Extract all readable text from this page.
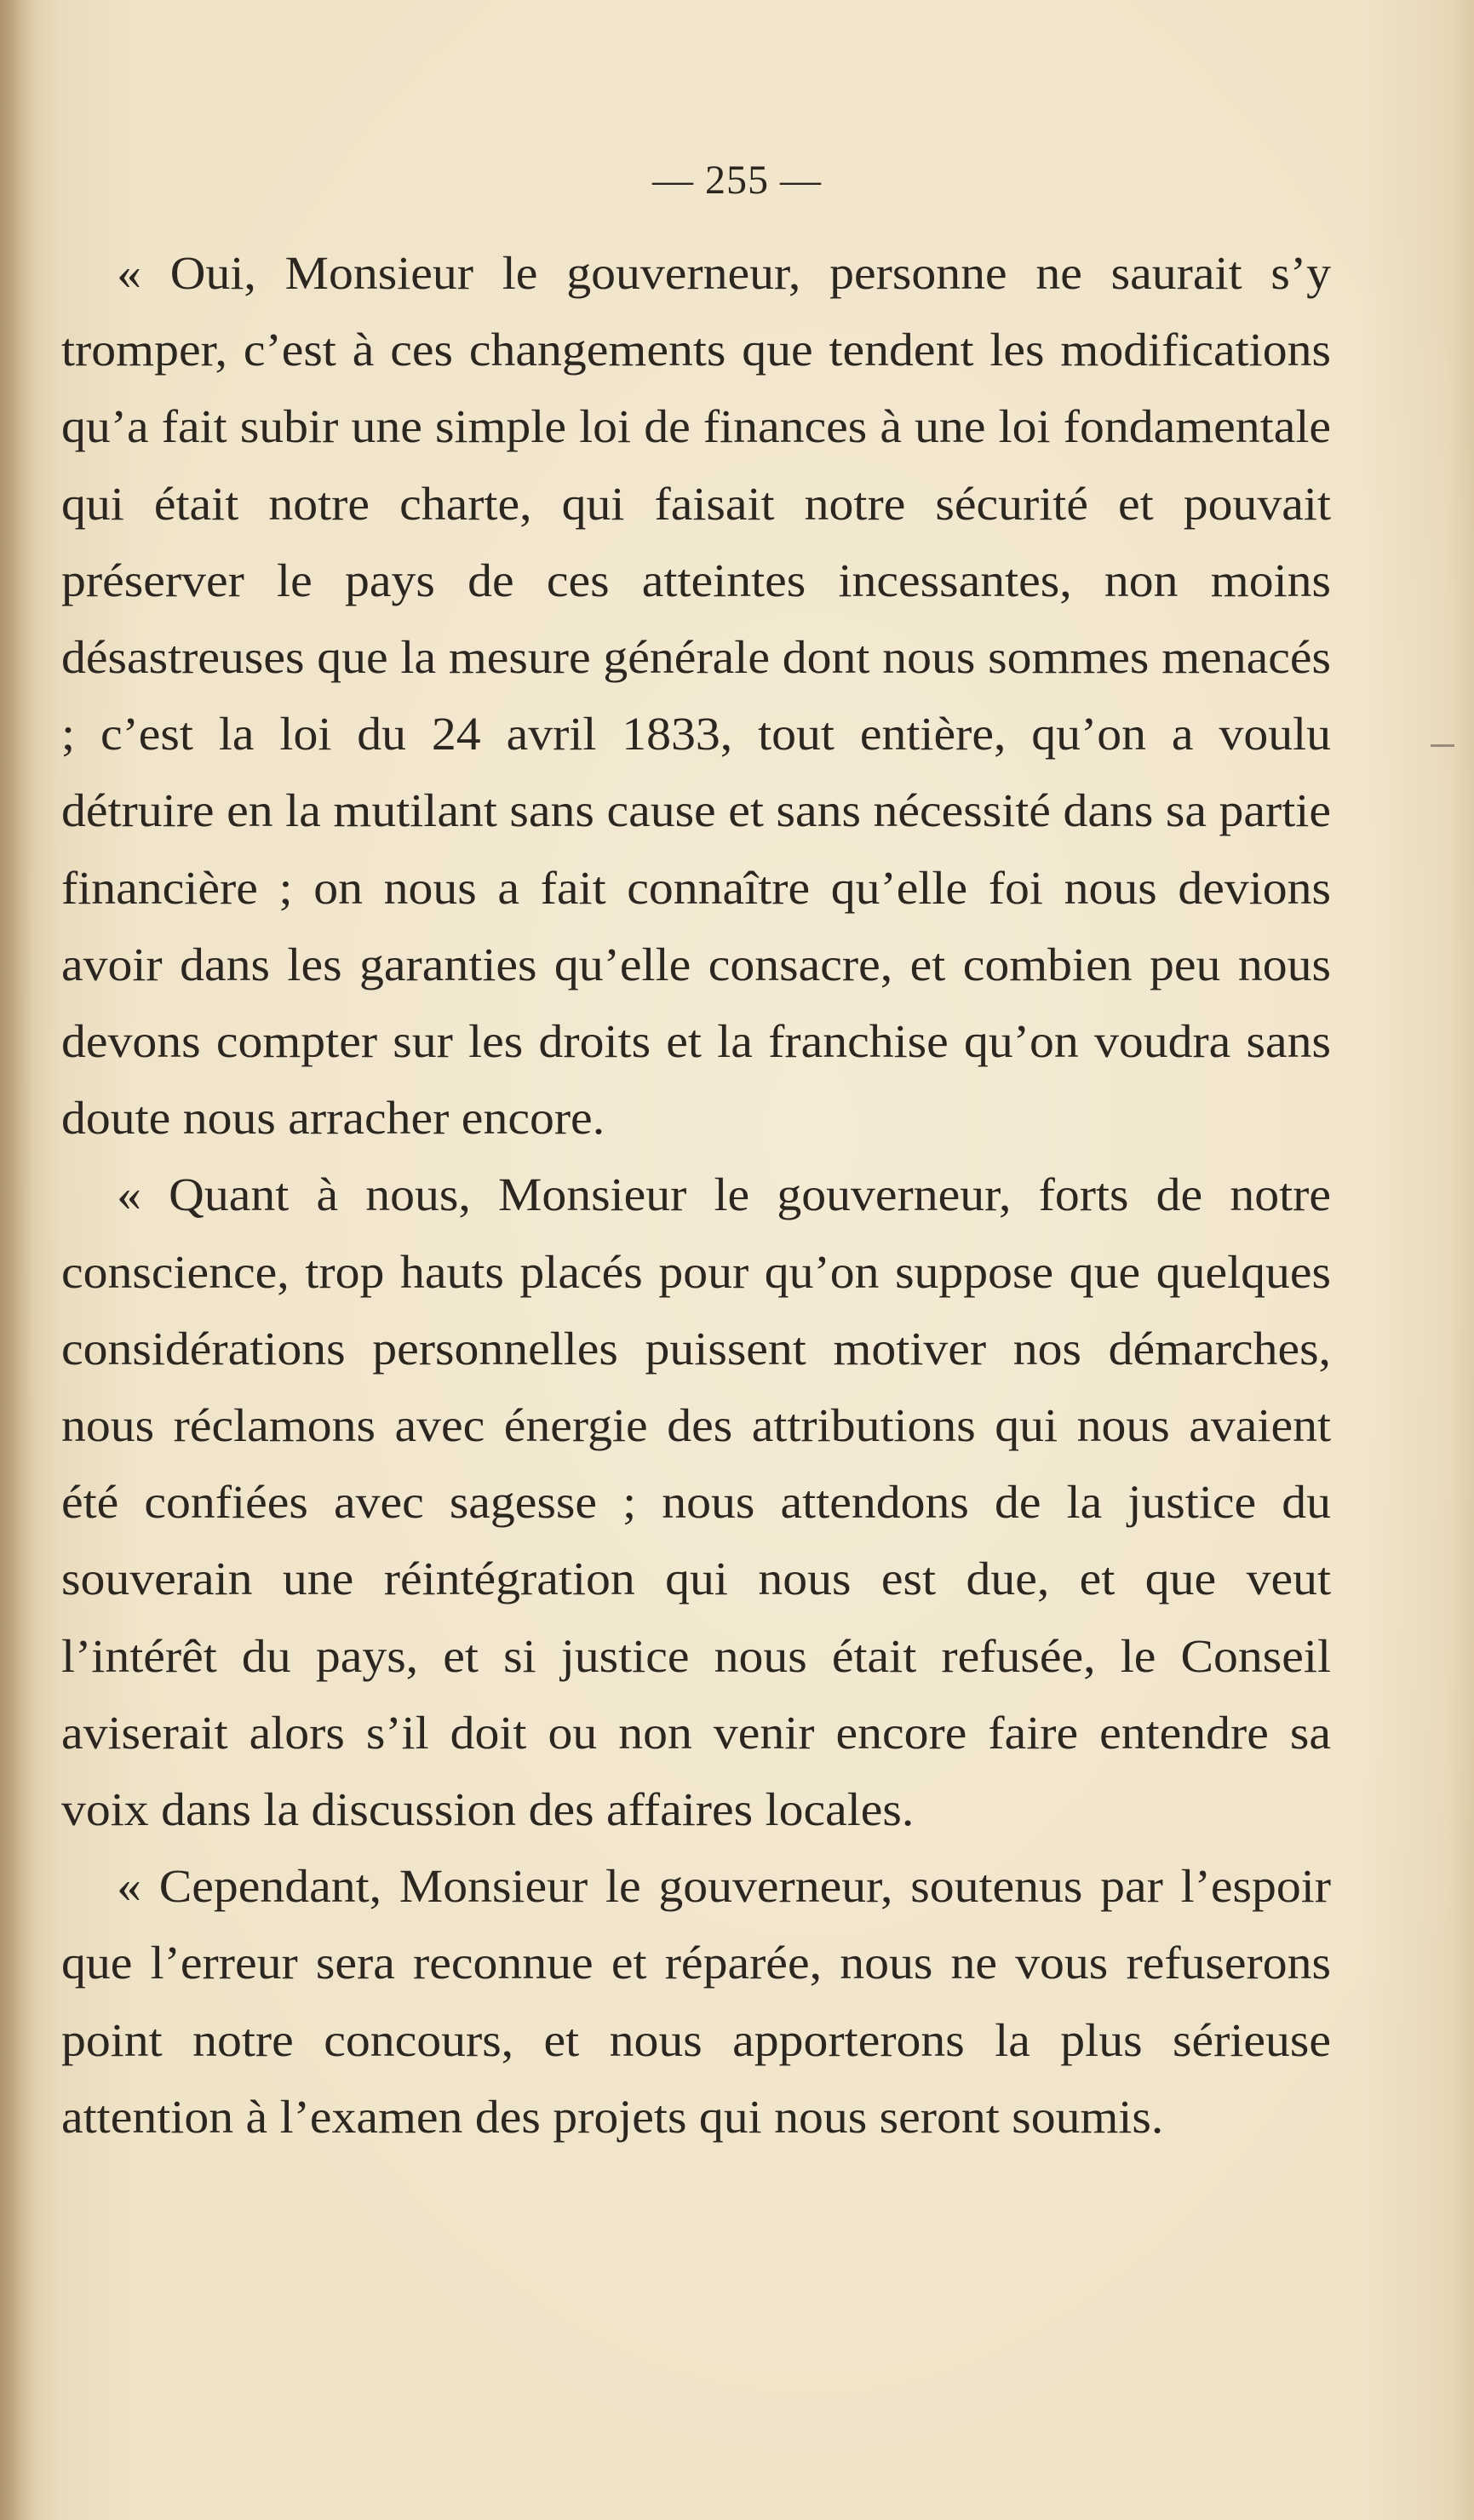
— 255 —

« Oui, Monsieur le gouverneur, personne ne saurait s’y tromper, c’est à ces changements que tendent les modifications qu’a fait subir une simple loi de finances à une loi fondamentale qui était notre charte, qui faisait notre sécurité et pouvait préserver le pays de ces atteintes incessantes, non moins désastreuses que la mesure générale dont nous sommes menacés ; c’est la loi du 24 avril 1833, tout entière, qu’on a voulu détruire en la mutilant sans cause et sans nécessité dans sa partie financière ; on nous a fait connaître qu’elle foi nous devions avoir dans les garanties qu’elle consacre, et combien peu nous devons compter sur les droits et la franchise qu’on voudra sans doute nous arracher encore.

« Quant à nous, Monsieur le gouverneur, forts de notre conscience, trop hauts placés pour qu’on suppose que quelques considérations personnelles puissent motiver nos démarches, nous réclamons avec énergie des attributions qui nous avaient été confiées avec sagesse ; nous attendons de la justice du souverain une réintégration qui nous est due, et que veut l’intérêt du pays, et si justice nous était refusée, le Conseil aviserait alors s’il doit ou non venir encore faire entendre sa voix dans la discussion des affaires locales.

« Cependant, Monsieur le gouverneur, soutenus par l’espoir que l’erreur sera reconnue et réparée, nous ne vous refuserons point notre concours, et nous apporterons la plus sérieuse attention à l’examen des projets qui nous seront soumis.
